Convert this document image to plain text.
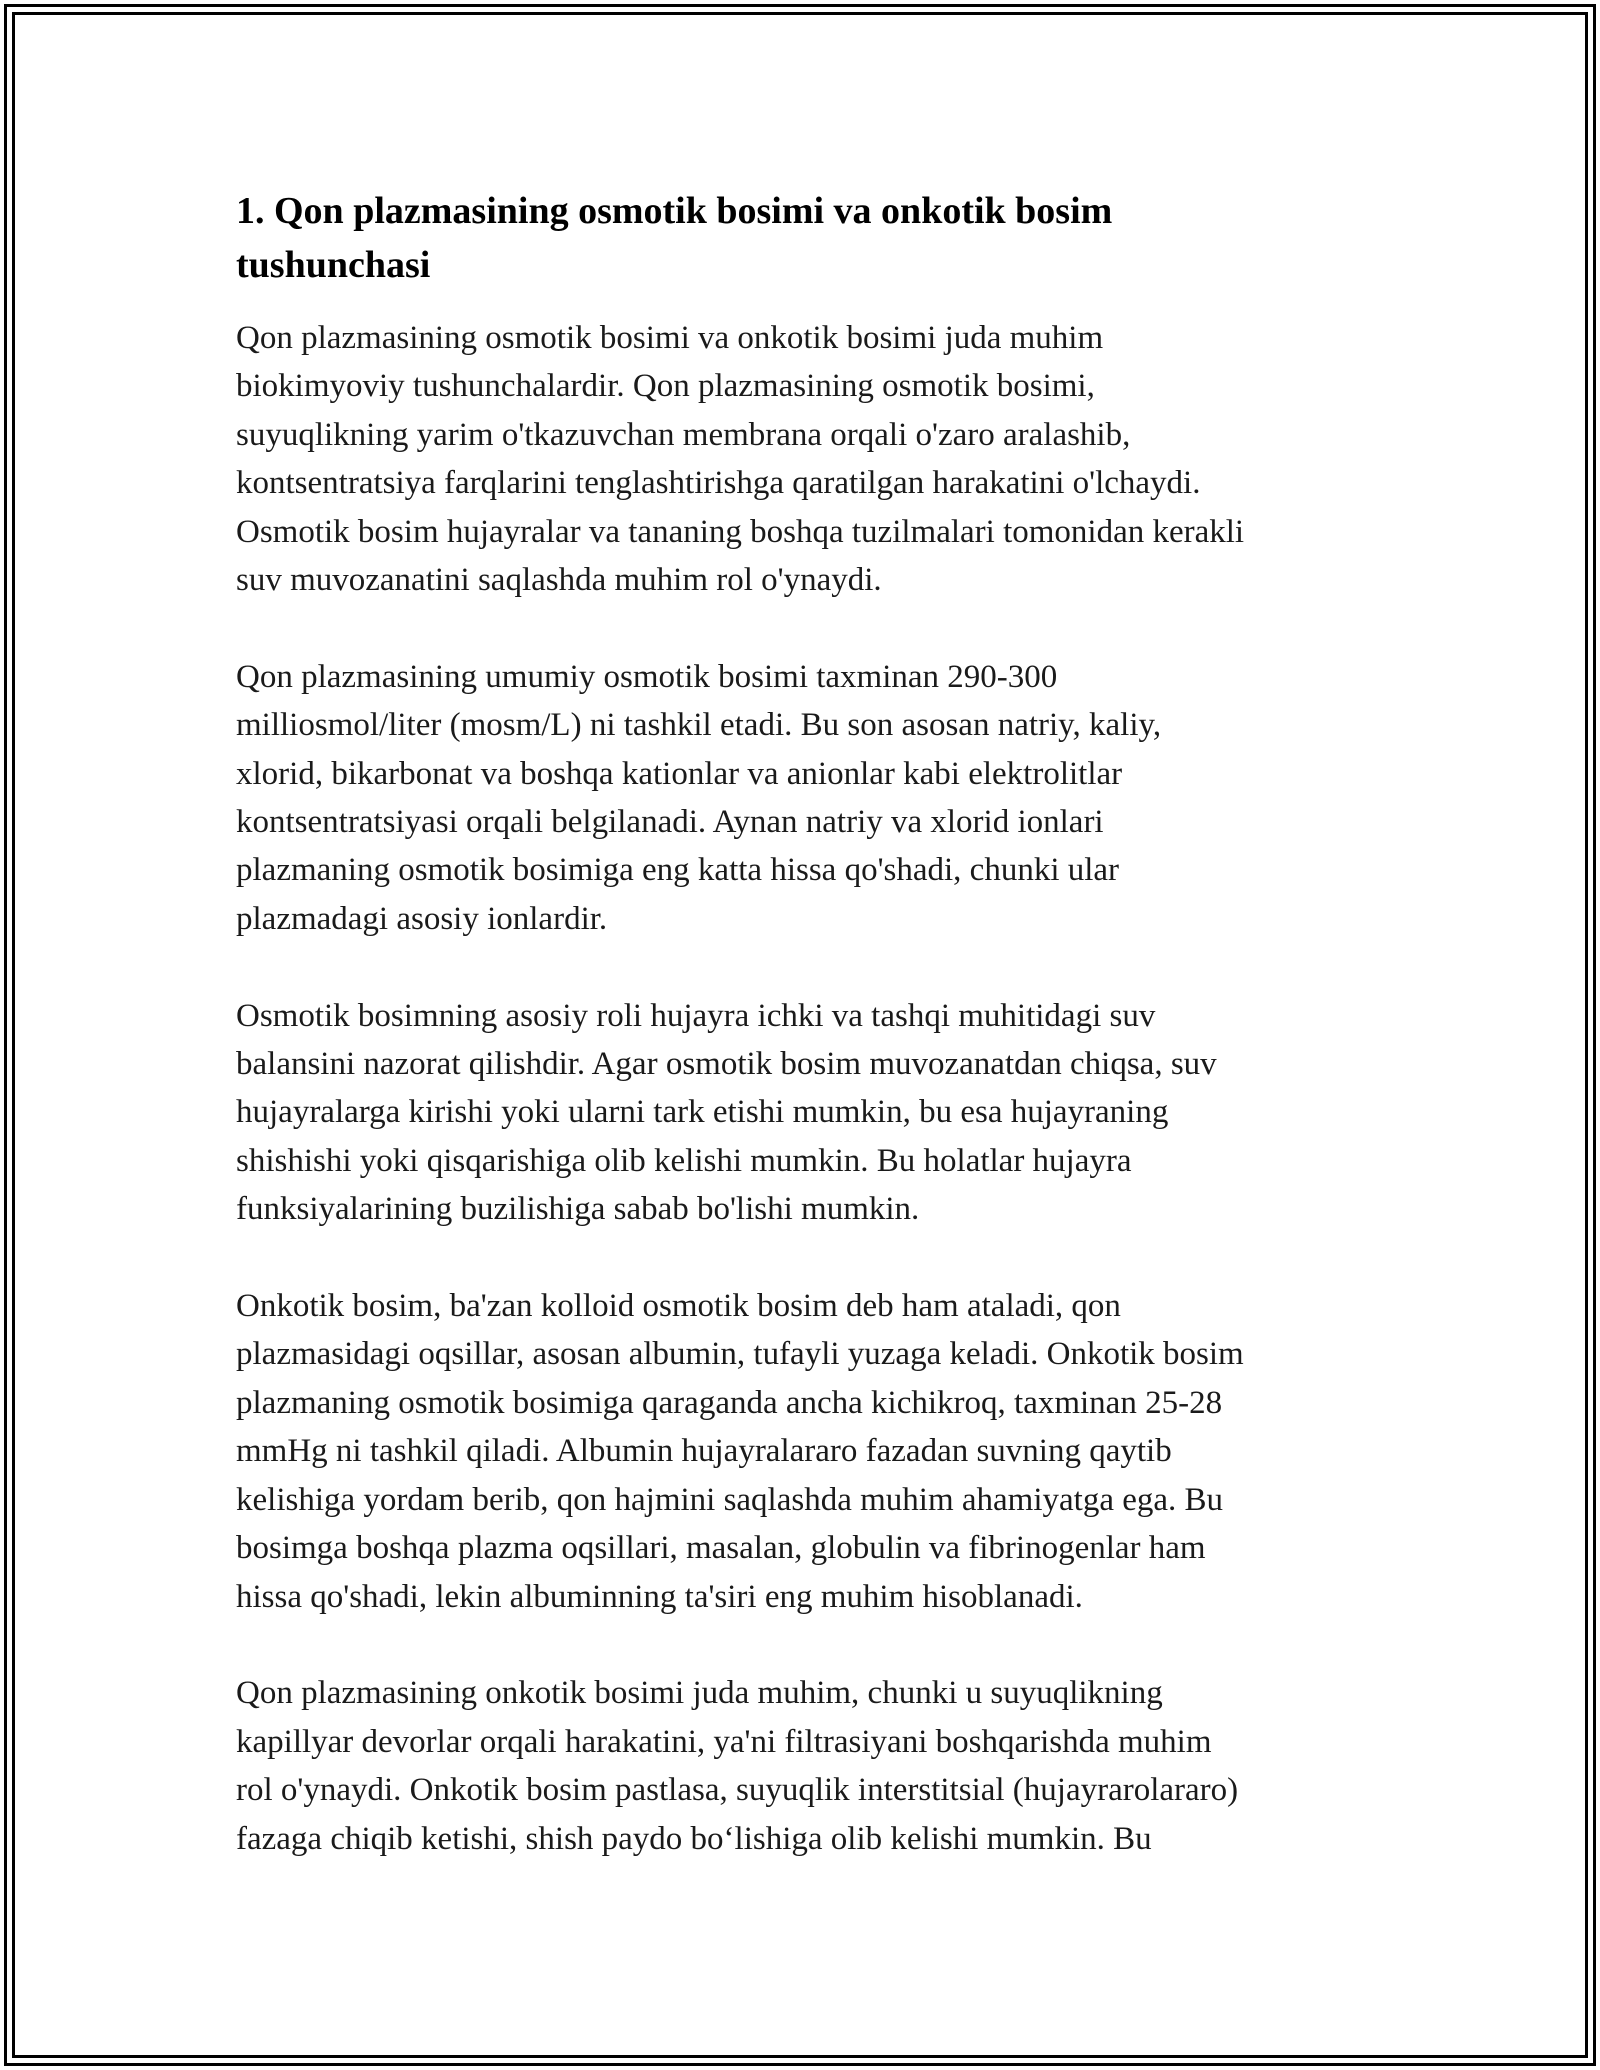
1. Qon plazmasining osmotik bosimi va onkotik bosim
tushunchasi

Qon plazmasining osmotik bosimi va onkotik bosimi juda muhim
biokimyoviy tushunchalardir. Qon plazmasining osmotik bosimi,
suyuqlikning yarim o'tkazuvchan membrana orqali o'zaro aralashib,
kontsentratsiya farqlarini tenglashtirishga qaratilgan harakatini o'lchaydi.
Osmotik bosim hujayralar va tananing boshqa tuzilmalari tomonidan kerakli
suv muvozanatini saqlashda muhim rol o'ynaydi.

Qon plazmasining umumiy osmotik bosimi taxminan 290-300
milliosmol/liter (mosm/L) ni tashkil etadi. Bu son asosan natriy, kaliy,
xlorid, bikarbonat va boshqa kationlar va anionlar kabi elektrolitlar
kontsentratsiyasi orqali belgilanadi. Aynan natriy va xlorid ionlari
plazmaning osmotik bosimiga eng katta hissa qo'shadi, chunki ular
plazmadagi asosiy ionlardir.

Osmotik bosimning asosiy roli hujayra ichki va tashqi muhitidagi suv
balansini nazorat qilishdir. Agar osmotik bosim muvozanatdan chiqsa, suv
hujayralarga kirishi yoki ularni tark etishi mumkin, bu esa hujayraning
shishishi yoki qisqarishiga olib kelishi mumkin. Bu holatlar hujayra
funksiyalarining buzilishiga sabab bo'lishi mumkin.

Onkotik bosim, ba'zan kolloid osmotik bosim deb ham ataladi, qon
plazmasidagi oqsillar, asosan albumin, tufayli yuzaga keladi. Onkotik bosim
plazmaning osmotik bosimiga qaraganda ancha kichikroq, taxminan 25-28
mmHg ni tashkil qiladi. Albumin hujayralararo fazadan suvning qaytib
kelishiga yordam berib, qon hajmini saqlashda muhim ahamiyatga ega. Bu
bosimga boshqa plazma oqsillari, masalan, globulin va fibrinogenlar ham
hissa qo'shadi, lekin albuminning ta'siri eng muhim hisoblanadi.

Qon plazmasining onkotik bosimi juda muhim, chunki u suyuqlikning
kapillyar devorlar orqali harakatini, ya'ni filtrasiyani boshqarishda muhim
rol o'ynaydi. Onkotik bosim pastlasa, suyuqlik interstitsial (hujayrarolararo)
fazaga chiqib ketishi, shish paydo bo‘lishiga olib kelishi mumkin. Bu
